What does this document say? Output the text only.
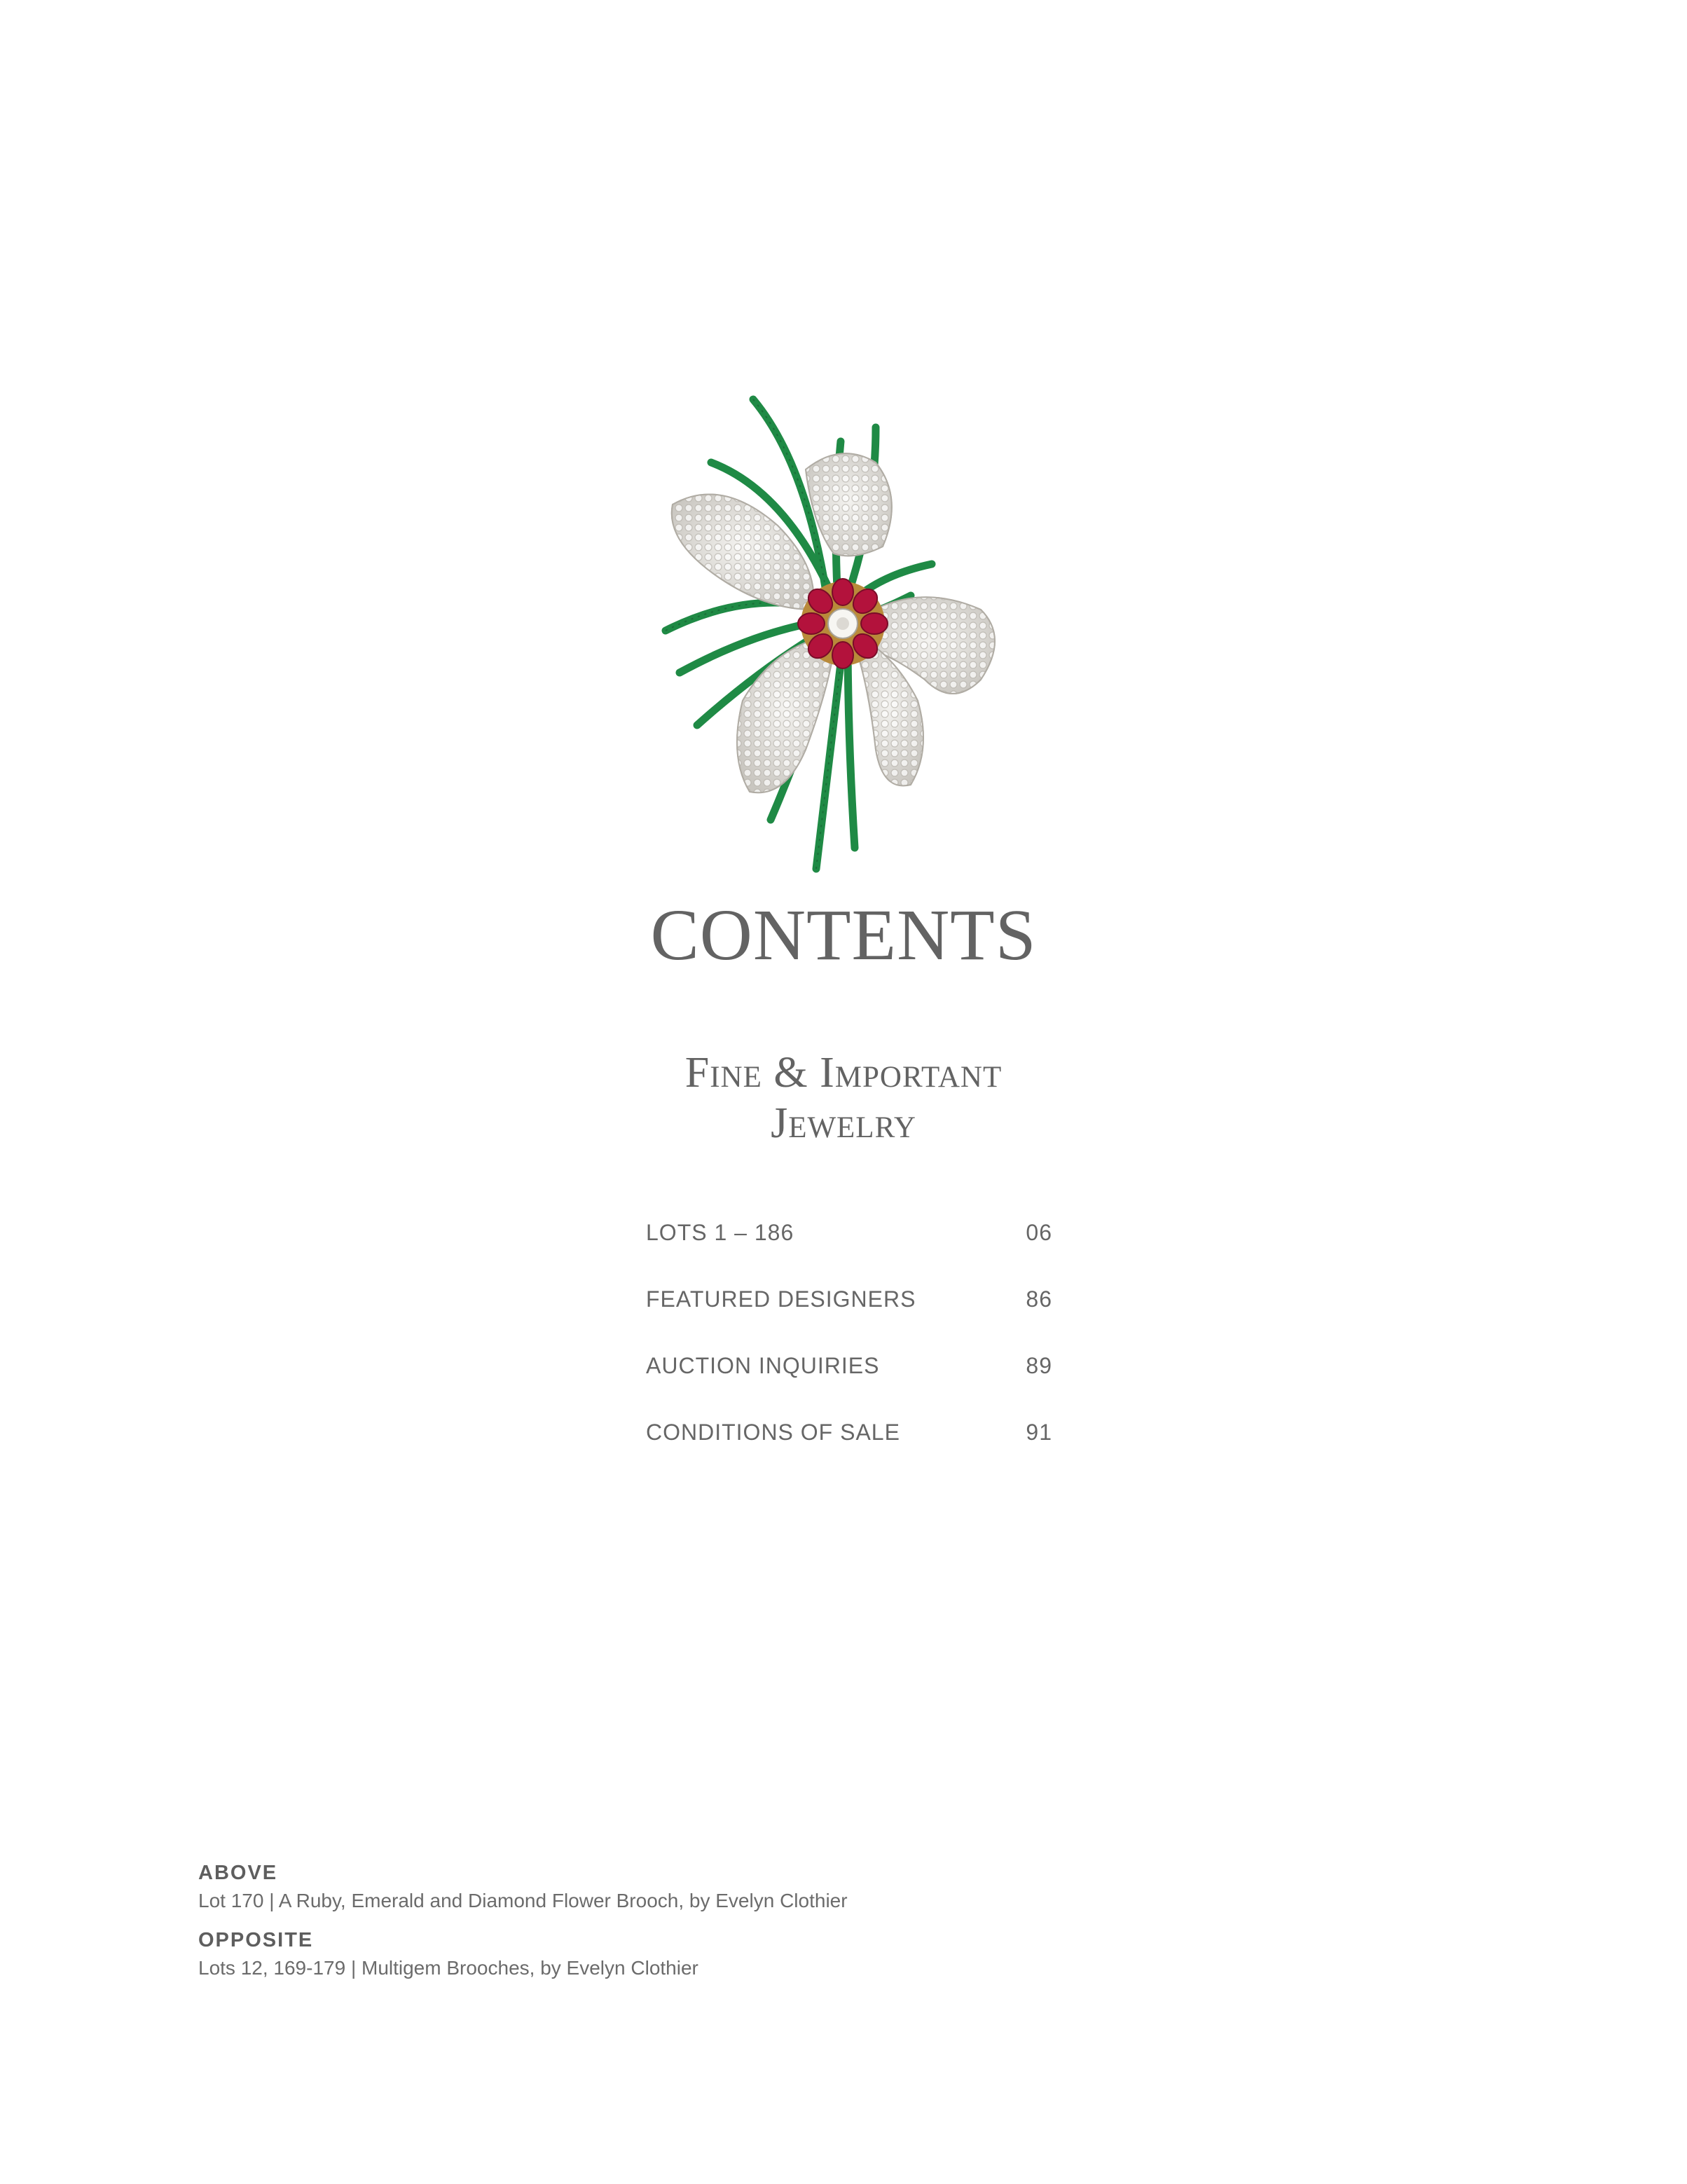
CONTENTS
Fine & Important
Jewelry
LOTS 1 – 186	06
FEATURED DESIGNERS	86
AUCTION INQUIRIES	89
CONDITIONS OF SALE	91
ABOVE
Lot 170 | A Ruby, Emerald and Diamond Flower Brooch, by Evelyn Clothier
OPPOSITE
Lots 12, 169-179 | Multigem Brooches, by Evelyn Clothier
